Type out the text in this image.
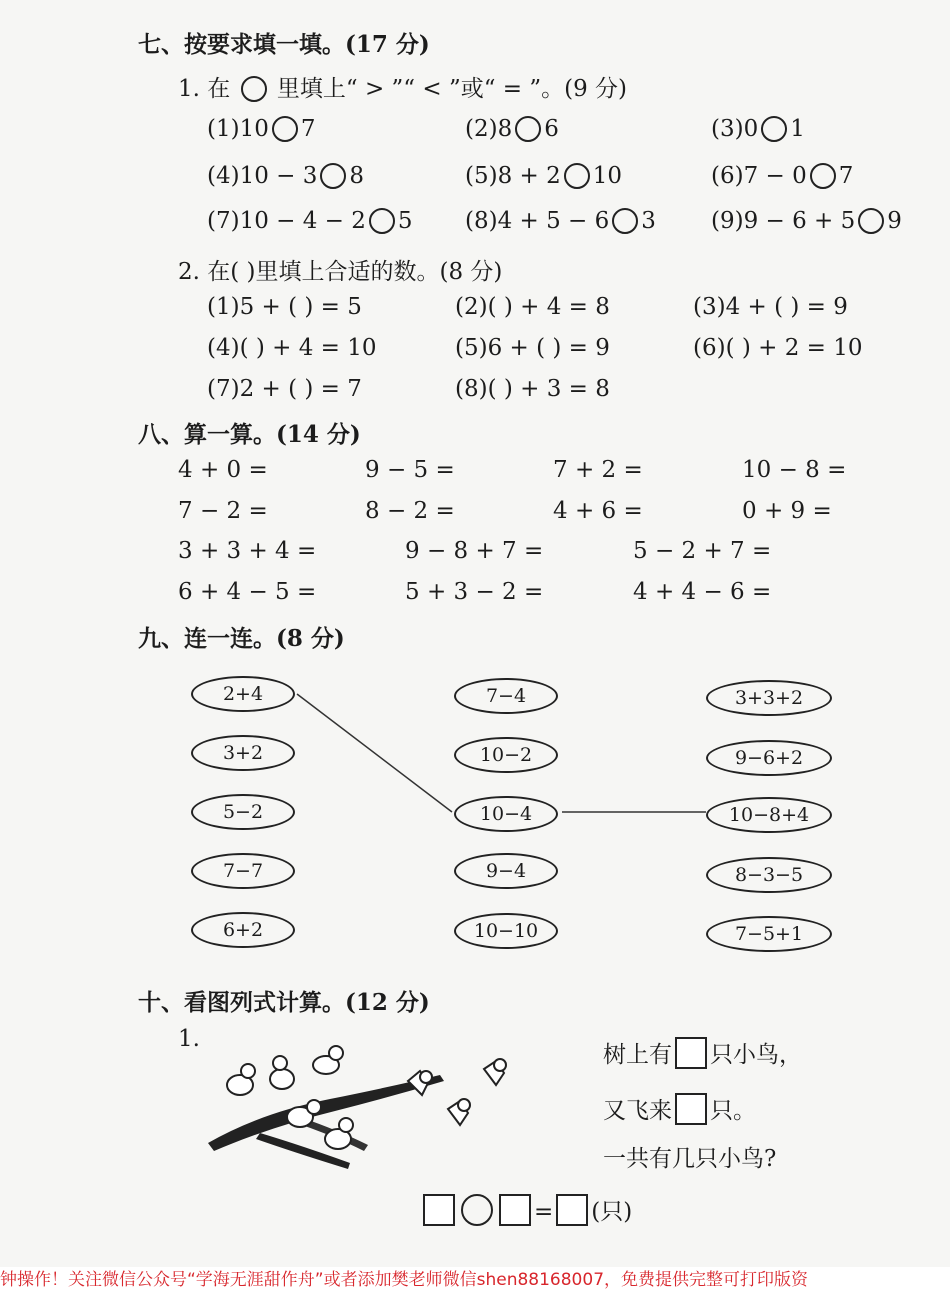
七、按要求填一填。(17 分)
1. 在 里填上“ > ”“ < ”或“ = ”。(9 分)
(1)10 7	(2)8 6	(3)0 1
(4)10 − 3 8	(5)8 + 2 10	(6)7 − 0 7
(7)10 − 4 − 2 5 (8)4 + 5 − 6 3 (9)9 − 6 + 5 9
2. 在( )里填上合适的数。(8 分)
(1)5 + ( ) = 5	(2)( ) + 4 = 8	(3)4 + ( ) = 9
(4)( ) + 4 = 10	(5)6 + ( ) = 9	(6)( ) + 2 = 10
(7)2 + ( ) = 7	(8)( ) + 3 = 8
八、算一算。(14 分)
4 + 0 =	9 − 5 =	7 + 2 =	10 − 8 =
7 − 2 =	8 − 2 =	4 + 6 =	0 + 9 =
3 + 3 + 4 =	9 − 8 + 7 =	5 − 2 + 7 =
6 + 4 − 5 =	5 + 3 − 2 =	4 + 4 − 6 =
九、连一连。(8 分)
2+4
3+2
5−2
7−7
6+2
7−4
10−2
10−4
9−4
10−10
3+3+2
9−6+2
10−8+4
8−3−5
7−5+1
十、看图列式计算。(12 分)
1.
树上有 只小鸟，
又飞来 只。
一共有几只小鸟?
= (只)
钟操作！关注微信公众号“学海无涯甜作舟”或者添加樊老师微信shen88168007，免费提供完整可打印版资
